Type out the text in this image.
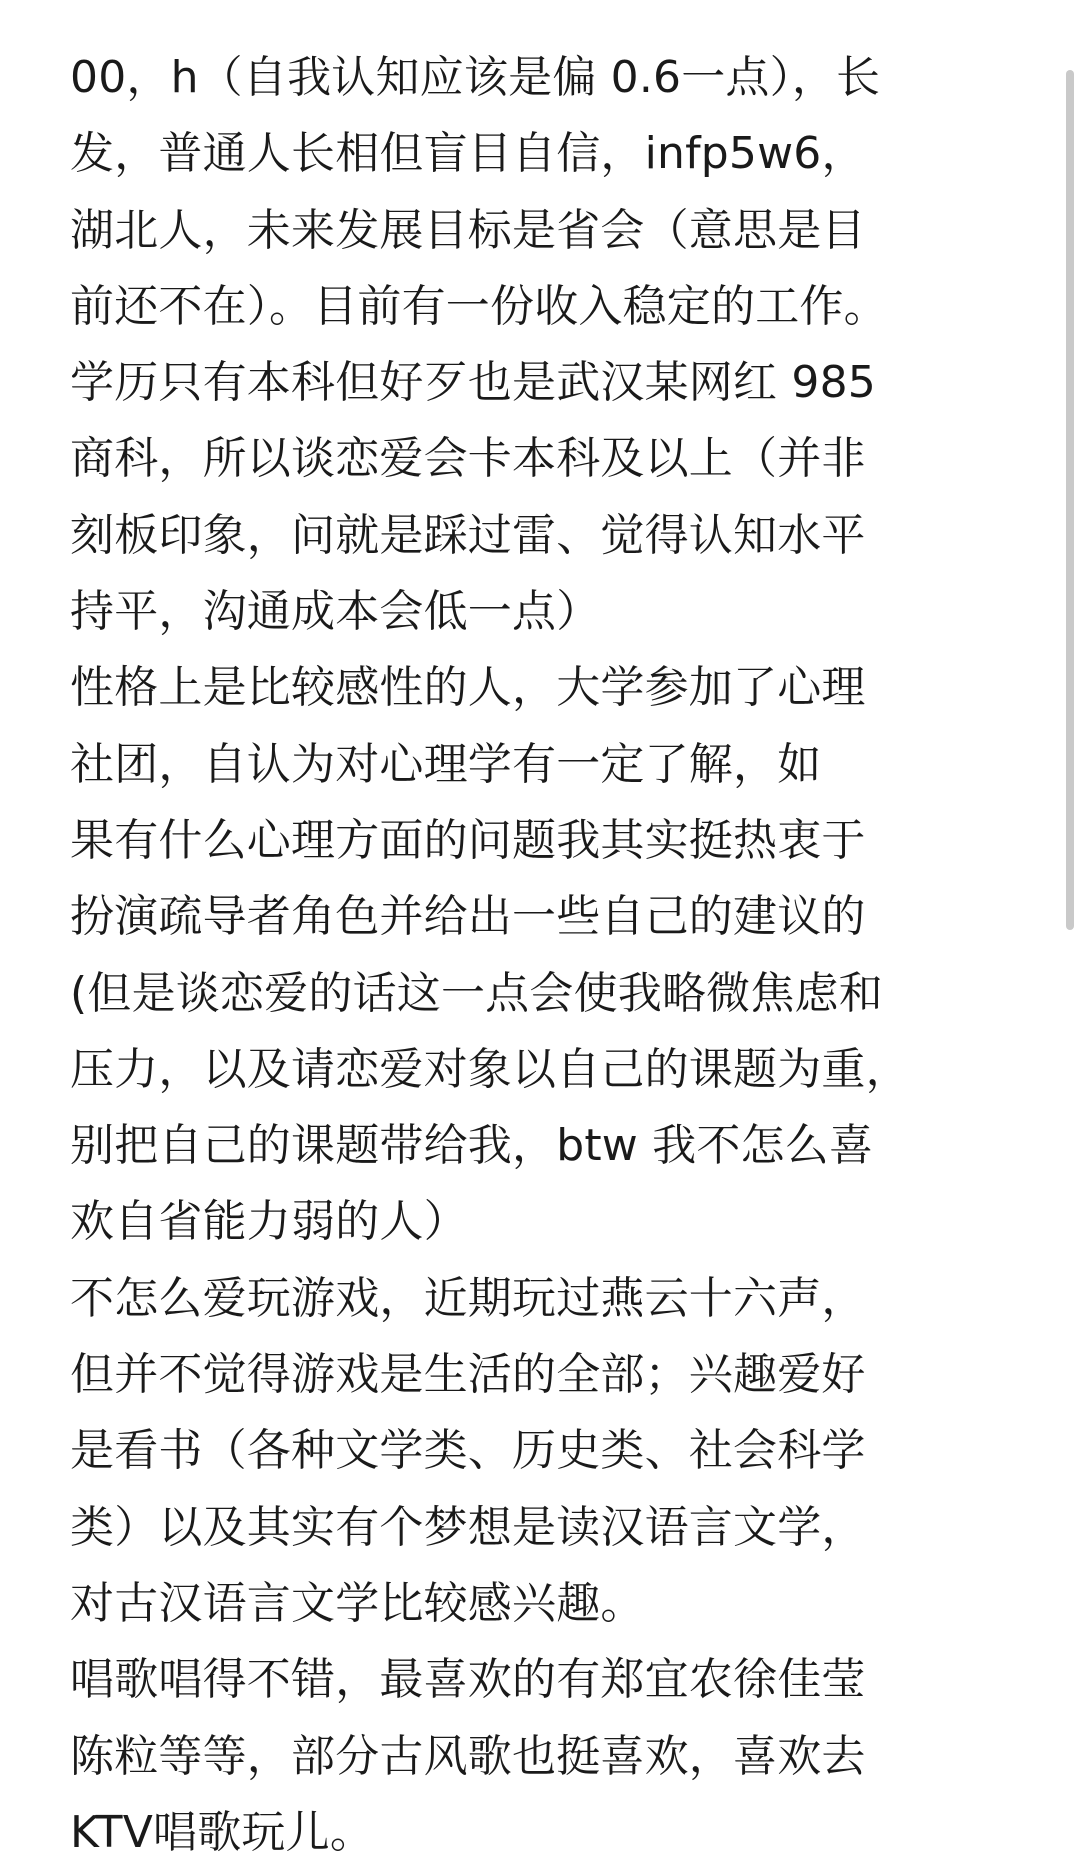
00，h（自我认知应该是偏 0.6一点），长
发，普通人长相但盲目自信，infp5w6，
湖北人，未来发展目标是省会（意思是目
前还不在）。目前有一份收入稳定的工作。
学历只有本科但好歹也是武汉某网红 985
商科，所以谈恋爱会卡本科及以上（并非
刻板印象，问就是踩过雷、觉得认知水平
持平，沟通成本会低一点）
性格上是比较感性的人，大学参加了心理
社团，自认为对心理学有一定了解，如
果有什么心理方面的问题我其实挺热衷于
扮演疏导者角色并给出一些自己的建议的
(但是谈恋爱的话这一点会使我略微焦虑和
压力，以及请恋爱对象以自己的课题为重，
别把自己的课题带给我，btw 我不怎么喜
欢自省能力弱的人）
不怎么爱玩游戏，近期玩过燕云十六声，
但并不觉得游戏是生活的全部；兴趣爱好
是看书（各种文学类、历史类、社会科学
类）以及其实有个梦想是读汉语言文学，
对古汉语言文学比较感兴趣。
唱歌唱得不错，最喜欢的有郑宜农徐佳莹
陈粒等等，部分古风歌也挺喜欢，喜欢去
KTV唱歌玩儿。
